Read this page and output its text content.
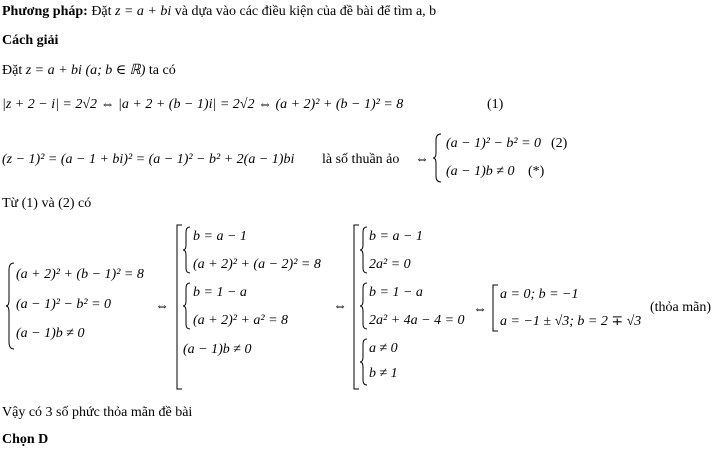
Phương pháp: Đặt z = a + bi và dựa vào các điều kiện của đề bài để tìm a, b
Cách giải
Đặt z = a + bi (a; b ∈ ℝ) ta có
|z + 2 − i| = 2√2 ⇔ |a + 2 + (b − 1)i| = 2√2 ⇔ (a + 2)² + (b − 1)² = 8	(1)
(z − 1)² = (a − 1 + bi)² = (a − 1)² − b² + 2(a − 1)bi là số thuần ảo ⇔
(a − 1)² − b² = 0 (2)
(a − 1)b ≠ 0 (*)
Từ (1) và (2) có
(a + 2)² + (b − 1)² = 8
(a − 1)² − b² = 0
(a − 1)b ≠ 0
⇔
b = a − 1
(a + 2)² + (a − 2)² = 8
b = 1 − a
(a + 2)² + a² = 8
(a − 1)b ≠ 0
⇔
b = a − 1
2a² = 0
b = 1 − a
2a² + 4a − 4 = 0
a ≠ 0
b ≠ 1
⇔
a = 0; b = −1
a = −1 ± √3; b = 2 ∓ √3
(thỏa mãn)
Vậy có 3 số phức thỏa mãn đề bài
Chọn D
